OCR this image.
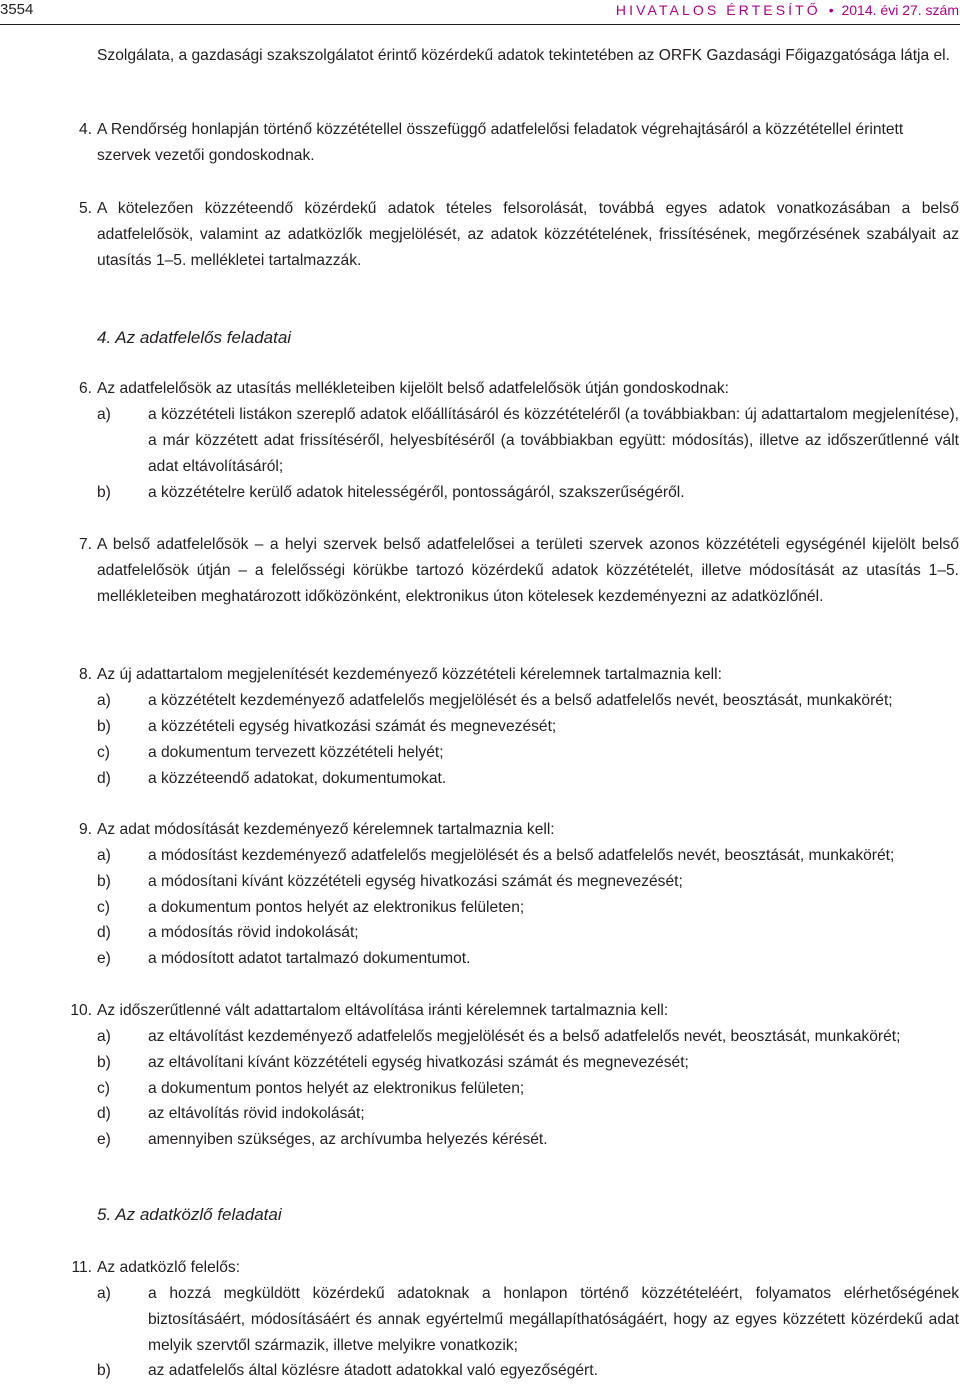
3554	HIVATALOS ÉRTESÍTŐ • 2014. évi 27. szám
Szolgálata, a gazdasági szakszolgálatot érintő közérdekű adatok tekintetében az ORFK Gazdasági Főigazgatósága látja el.
4. A Rendőrség honlapján történő közzététellel összefüggő adatfelelősi feladatok végrehajtásáról a közzététellel érintett szervek vezetői gondoskodnak.
5. A kötelezően közzéteendő közérdekű adatok tételes felsorolását, továbbá egyes adatok vonatkozásában a belső adatfelelősök, valamint az adatközlők megjelölését, az adatok közzétételének, frissítésének, megőrzésének szabályait az utasítás 1–5. mellékletei tartalmazzák.
4. Az adatfelelős feladatai
6. Az adatfelelősök az utasítás mellékleteiben kijelölt belső adatfelelősök útján gondoskodnak:
a) a közzétételi listákon szereplő adatok előállításáról és közzétételéről (a továbbiakban: új adattartalom megjelenítése), a már közzétett adat frissítéséről, helyesbítéséről (a továbbiakban együtt: módosítás), illetve az időszerűtlenné vált adat eltávolításáról;
b) a közzétételre kerülő adatok hitelességéről, pontosságáról, szakszerűségéről.
7. A belső adatfelelősök – a helyi szervek belső adatfelelősei a területi szervek azonos közzétételi egységénél kijelölt belső adatfelelősök útján – a felelősségi körükbe tartozó közérdekű adatok közzétételét, illetve módosítását az utasítás 1–5. mellékleteiben meghatározott időközönként, elektronikus úton kötelesek kezdeményezni az adatközlőnél.
8. Az új adattartalom megjelenítését kezdeményező közzétételi kérelemnek tartalmaznia kell:
a) a közzétételt kezdeményező adatfelelős megjelölését és a belső adatfelelős nevét, beosztását, munkakörét;
b) a közzétételi egység hivatkozási számát és megnevezését;
c) a dokumentum tervezett közzétételi helyét;
d) a közzéteendő adatokat, dokumentumokat.
9. Az adat módosítását kezdeményező kérelemnek tartalmaznia kell:
a) a módosítást kezdeményező adatfelelős megjelölését és a belső adatfelelős nevét, beosztását, munkakörét;
b) a módosítani kívánt közzétételi egység hivatkozási számát és megnevezését;
c) a dokumentum pontos helyét az elektronikus felületen;
d) a módosítás rövid indokolását;
e) a módosított adatot tartalmazó dokumentumot.
10. Az időszerűtlenné vált adattartalom eltávolítása iránti kérelemnek tartalmaznia kell:
a) az eltávolítást kezdeményező adatfelelős megjelölését és a belső adatfelelős nevét, beosztását, munkakörét;
b) az eltávolítani kívánt közzétételi egység hivatkozási számát és megnevezését;
c) a dokumentum pontos helyét az elektronikus felületen;
d) az eltávolítás rövid indokolását;
e) amennyiben szükséges, az archívumba helyezés kérését.
5. Az adatközlő feladatai
11. Az adatközlő felelős:
a) a hozzá megküldött közérdekű adatoknak a honlapon történő közzétételéért, folyamatos elérhetőségének biztosításáért, módosításáért és annak egyértelmű megállapíthatóságáért, hogy az egyes közzétett közérdekű adat melyik szervtől származik, illetve melyikre vonatkozik;
b) az adatfelelős által közlésre átadott adatokkal való egyezőségért.
